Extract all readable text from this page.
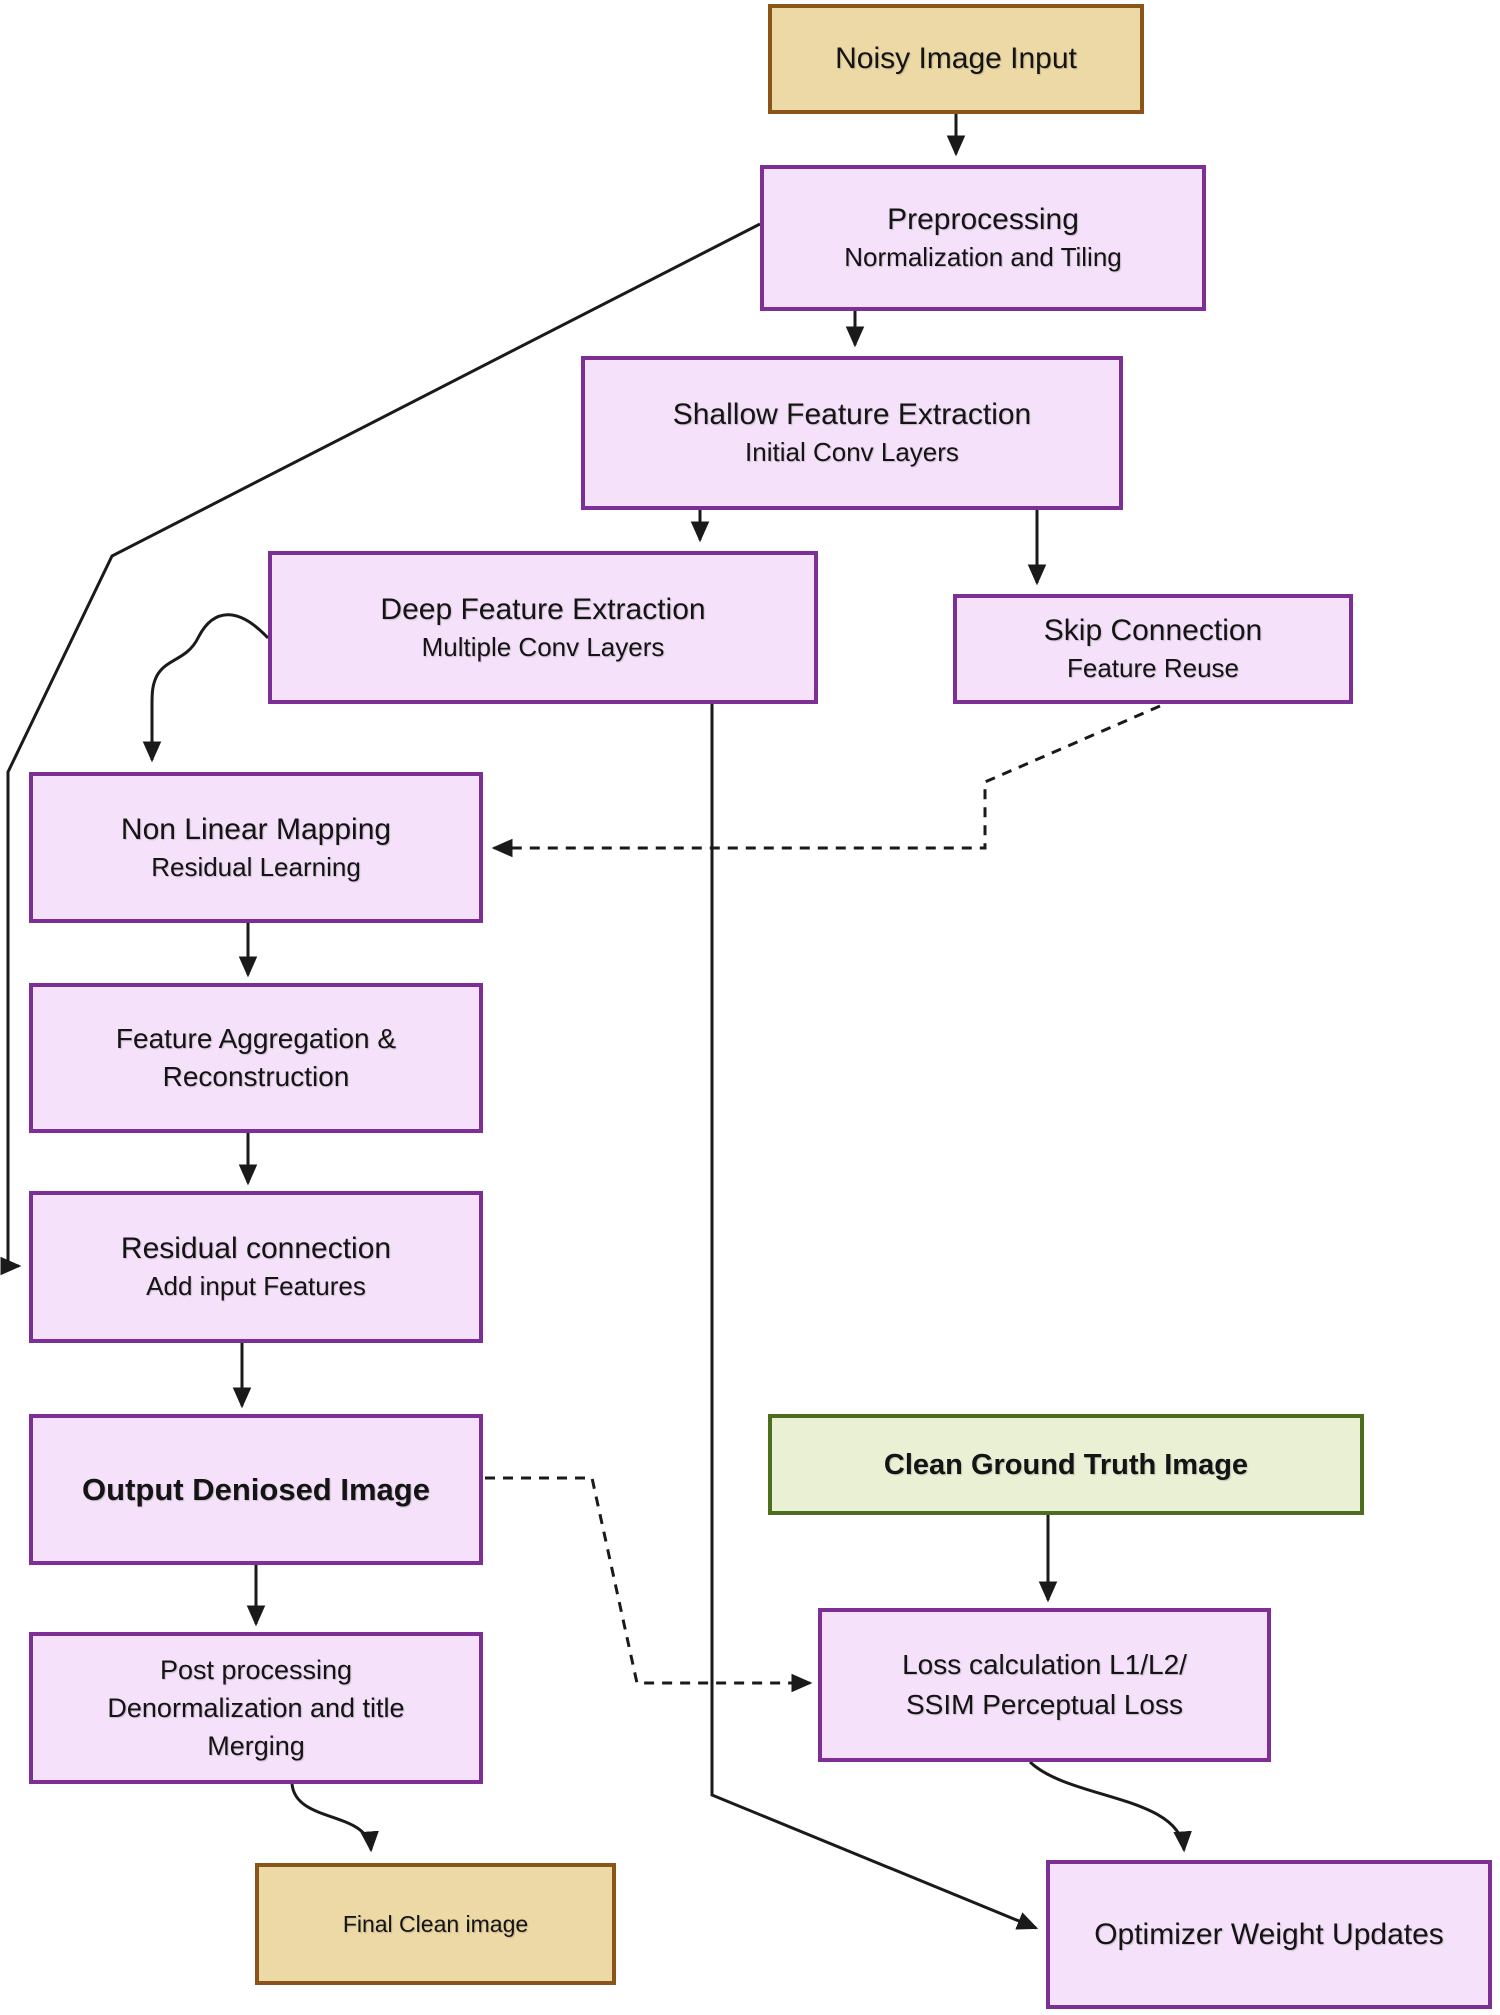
Noisy Image Input
Preprocessing
Normalization and Tiling
Shallow Feature Extraction
Initial Conv Layers
Deep Feature Extraction
Multiple Conv Layers	Skip Connection
Feature Reuse
Non Linear Mapping
Residual Learning
Feature Aggregation &
Reconstruction
Residual connection
Add input Features
Output Deniosed Image
Post processing
Denormalization and title
Merging
Final Clean image
Clean Ground Truth Image
Loss calculation L1/L2/
SSIM Perceptual Loss
Optimizer Weight Updates
